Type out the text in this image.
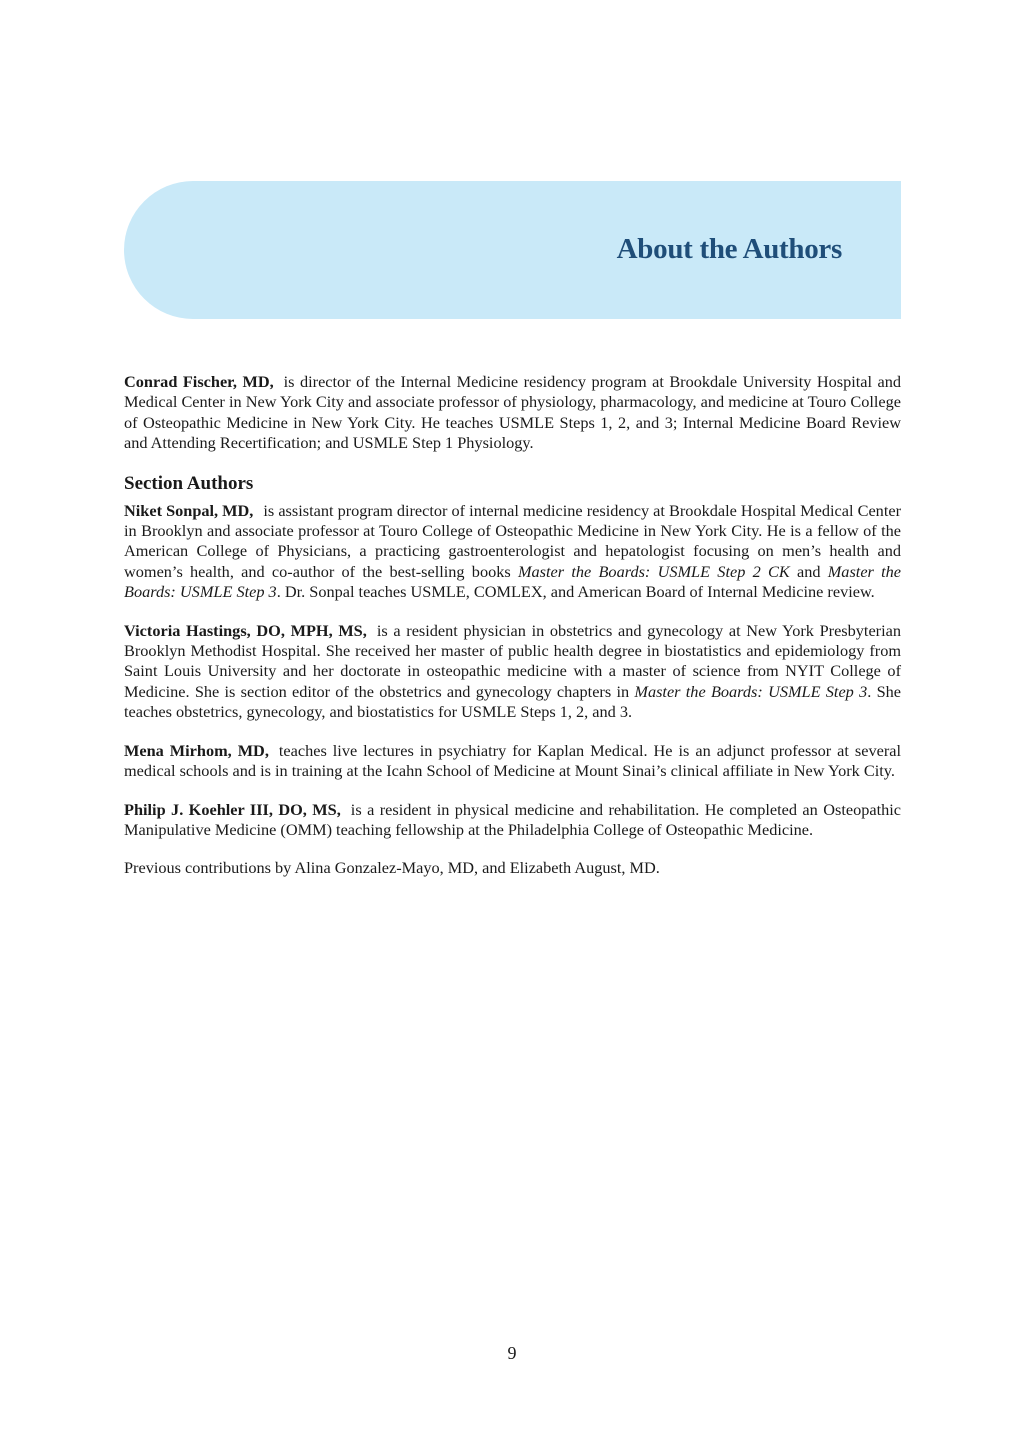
About the Authors

Conrad Fischer, MD, is director of the Internal Medicine residency program at Brookdale University Hospital and Medical Center in New York City and associate professor of physiology, pharmacology, and medicine at Touro College of Osteopathic Medicine in New York City. He teaches USMLE Steps 1, 2, and 3; Internal Medicine Board Review and Attending Recertification; and USMLE Step 1 Physiology.

Section Authors

Niket Sonpal, MD, is assistant program director of internal medicine residency at Brookdale Hospital Medical Center in Brooklyn and associate professor at Touro College of Osteopathic Medicine in New York City. He is a fellow of the American College of Physicians, a practicing gastroenterologist and hepatologist focusing on men’s health and women’s health, and co-author of the best-selling books Master the Boards: USMLE Step 2 CK and Master the Boards: USMLE Step 3. Dr. Sonpal teaches USMLE, COMLEX, and American Board of Internal Medicine review.

Victoria Hastings, DO, MPH, MS, is a resident physician in obstetrics and gynecology at New York Presbyterian Brooklyn Methodist Hospital. She received her master of public health degree in biostatistics and epidemiology from Saint Louis University and her doctorate in osteopathic medicine with a master of science from NYIT College of Medicine. She is section editor of the obstetrics and gynecology chapters in Master the Boards: USMLE Step 3. She teaches obstetrics, gynecology, and biostatistics for USMLE Steps 1, 2, and 3.

Mena Mirhom, MD, teaches live lectures in psychiatry for Kaplan Medical. He is an adjunct professor at several medical schools and is in training at the Icahn School of Medicine at Mount Sinai’s clinical affiliate in New York City.

Philip J. Koehler III, DO, MS, is a resident in physical medicine and rehabilitation. He completed an Osteopathic Manipulative Medicine (OMM) teaching fellowship at the Philadelphia College of Osteopathic Medicine.

Previous contributions by Alina Gonzalez-Mayo, MD, and Elizabeth August, MD.

9
